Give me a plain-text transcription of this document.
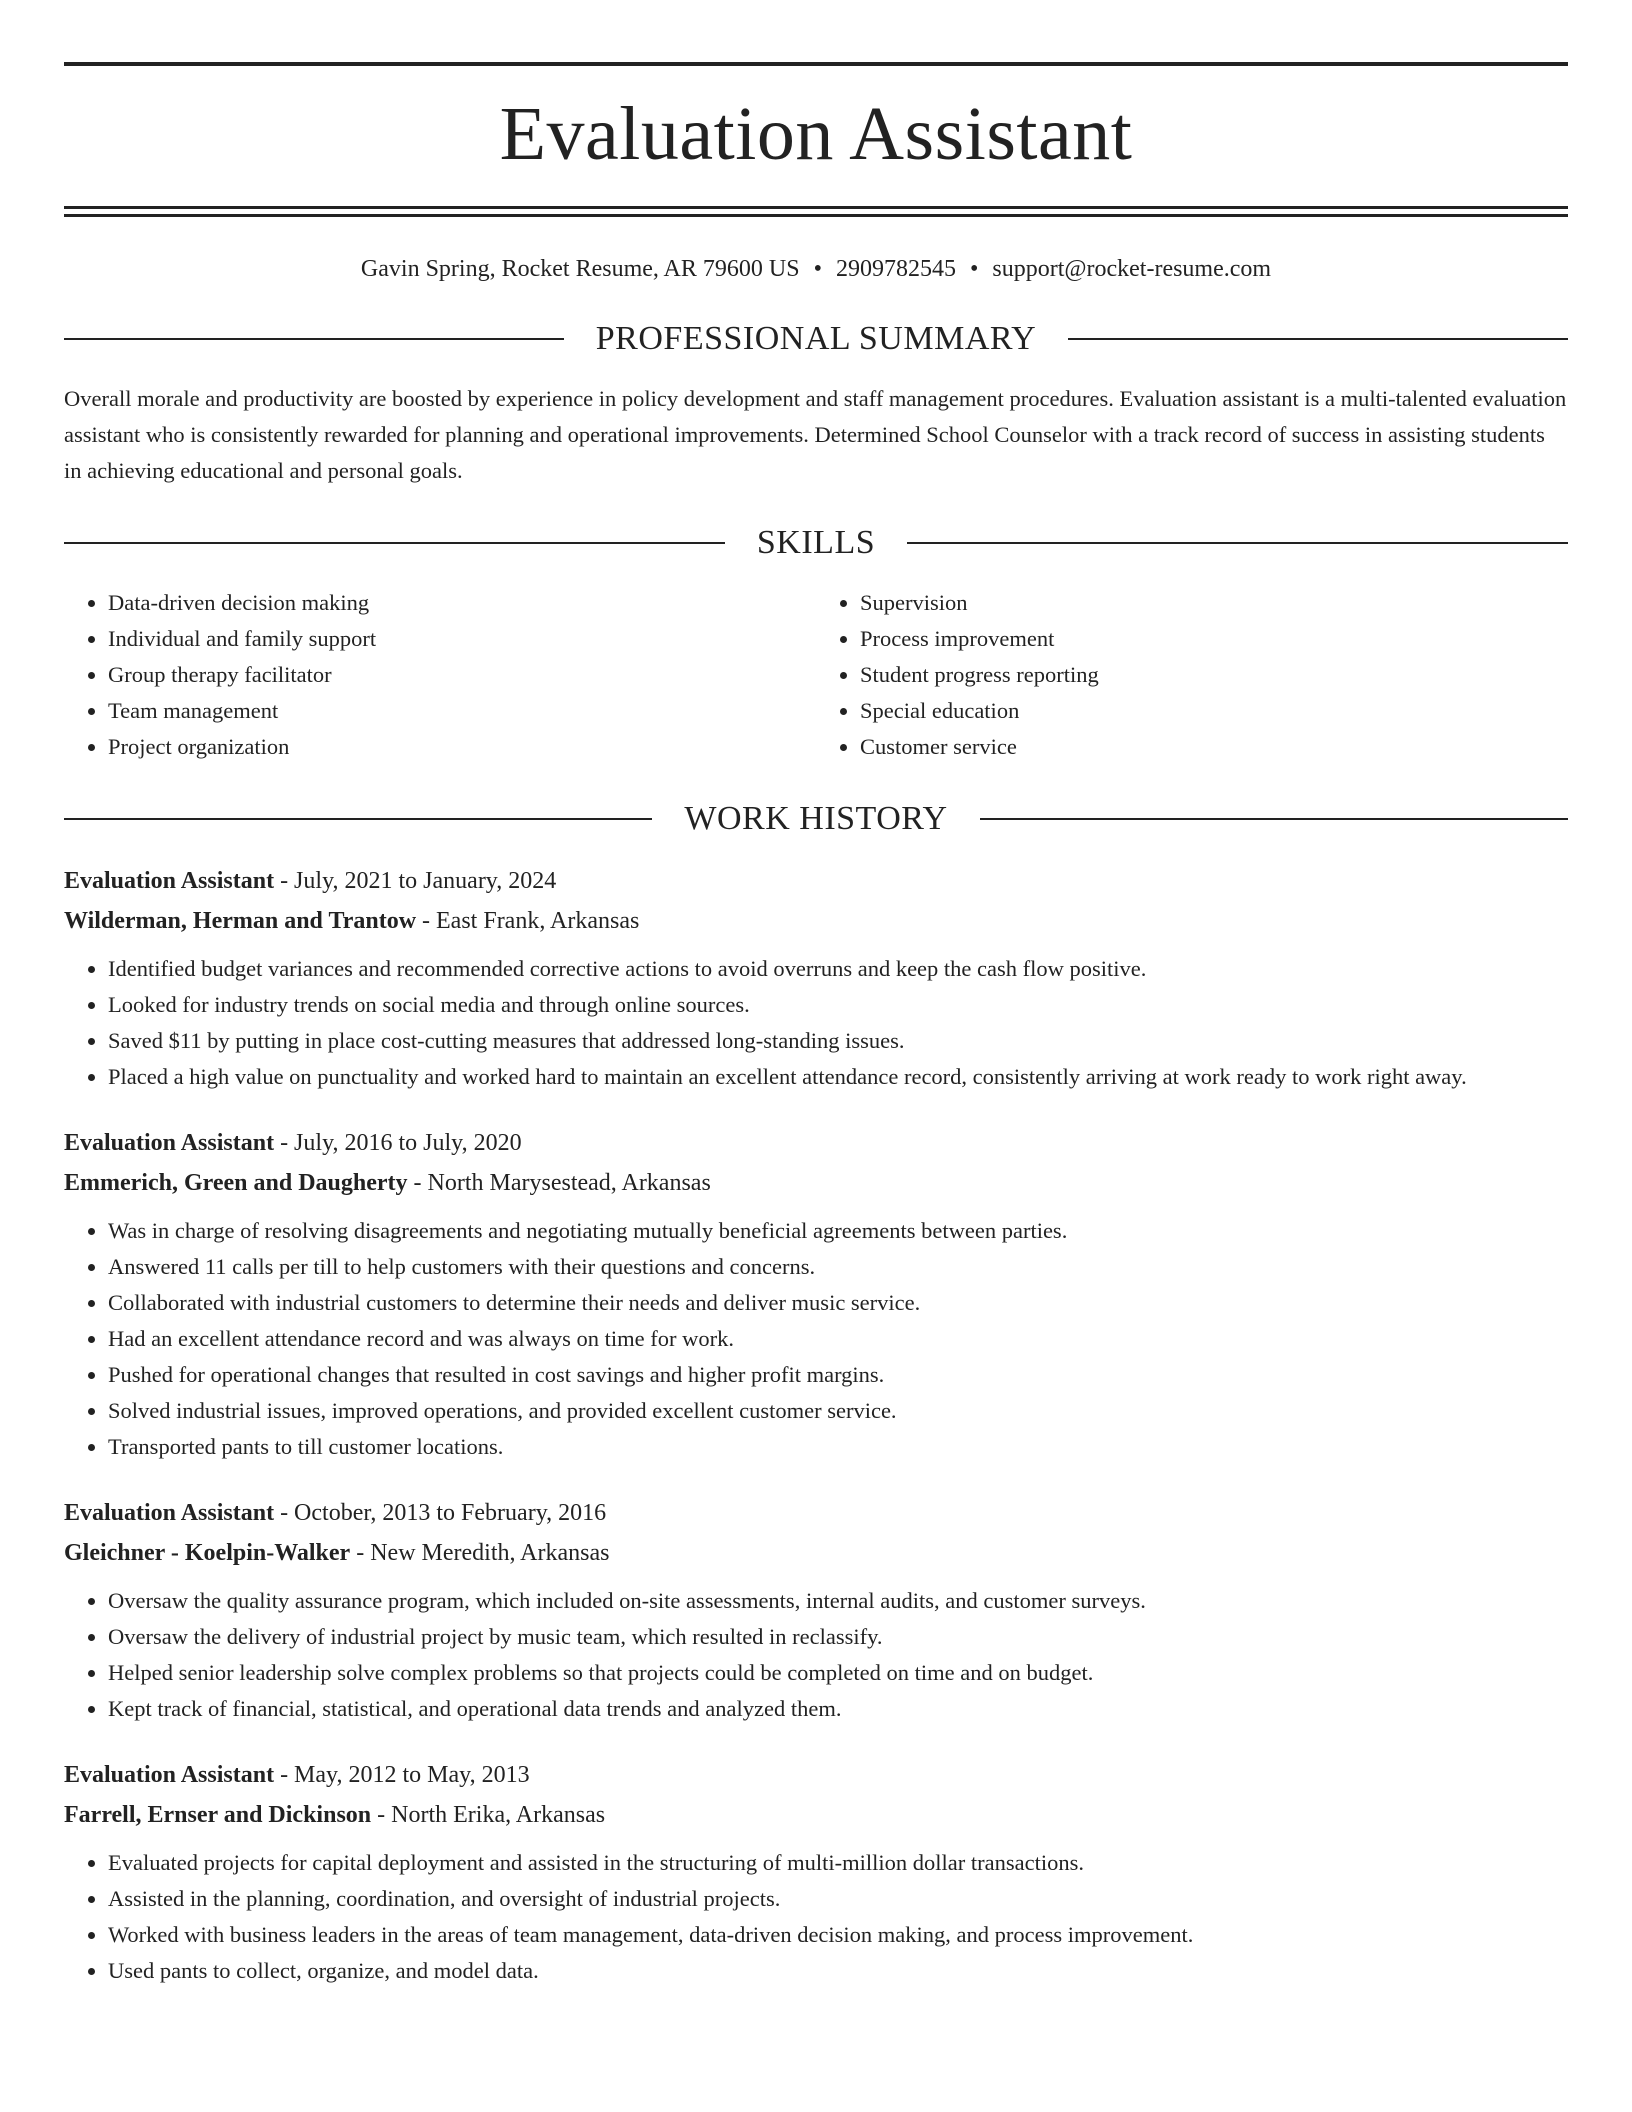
Evaluation Assistant
Gavin Spring, Rocket Resume, AR 79600 US • 2909782545 • support@rocket-resume.com
PROFESSIONAL SUMMARY
Overall morale and productivity are boosted by experience in policy development and staff management procedures. Evaluation assistant is a multi-talented evaluation assistant who is consistently rewarded for planning and operational improvements. Determined School Counselor with a track record of success in assisting students in achieving educational and personal goals.
SKILLS
• Data-driven decision making
• Individual and family support
• Group therapy facilitator
• Team management
• Project organization
• Supervision
• Process improvement
• Student progress reporting
• Special education
• Customer service
WORK HISTORY
Evaluation Assistant - July, 2021 to January, 2024
Wilderman, Herman and Trantow - East Frank, Arkansas
• Identified budget variances and recommended corrective actions to avoid overruns and keep the cash flow positive.
• Looked for industry trends on social media and through online sources.
• Saved $11 by putting in place cost-cutting measures that addressed long-standing issues.
• Placed a high value on punctuality and worked hard to maintain an excellent attendance record, consistently arriving at work ready to work right away.
Evaluation Assistant - July, 2016 to July, 2020
Emmerich, Green and Daugherty - North Marysestead, Arkansas
• Was in charge of resolving disagreements and negotiating mutually beneficial agreements between parties.
• Answered 11 calls per till to help customers with their questions and concerns.
• Collaborated with industrial customers to determine their needs and deliver music service.
• Had an excellent attendance record and was always on time for work.
• Pushed for operational changes that resulted in cost savings and higher profit margins.
• Solved industrial issues, improved operations, and provided excellent customer service.
• Transported pants to till customer locations.
Evaluation Assistant - October, 2013 to February, 2016
Gleichner - Koelpin-Walker - New Meredith, Arkansas
• Oversaw the quality assurance program, which included on-site assessments, internal audits, and customer surveys.
• Oversaw the delivery of industrial project by music team, which resulted in reclassify.
• Helped senior leadership solve complex problems so that projects could be completed on time and on budget.
• Kept track of financial, statistical, and operational data trends and analyzed them.
Evaluation Assistant - May, 2012 to May, 2013
Farrell, Ernser and Dickinson - North Erika, Arkansas
• Evaluated projects for capital deployment and assisted in the structuring of multi-million dollar transactions.
• Assisted in the planning, coordination, and oversight of industrial projects.
• Worked with business leaders in the areas of team management, data-driven decision making, and process improvement.
• Used pants to collect, organize, and model data.
